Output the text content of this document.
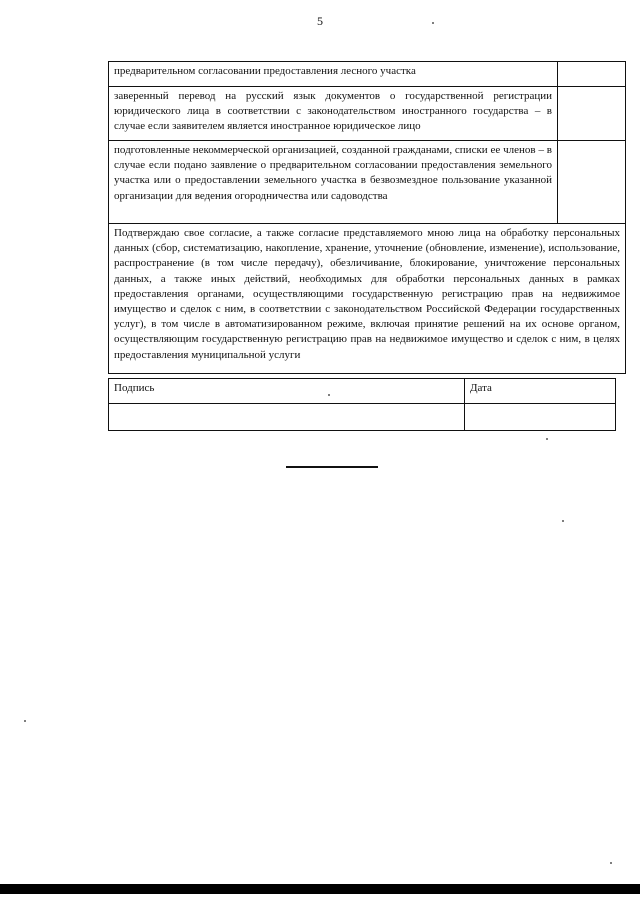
5
предварительном согласовании предоставления лесного участка	
заверенный перевод на русский язык документов о государственной регистрации юридического лица в соответствии с законодательством иностранного государства – в случае если заявителем является иностранное юридическое лицо	
подготовленные некоммерческой организацией, созданной гражданами, списки ее членов – в случае если подано заявление о предварительном согласовании предоставления земельного участка или о предоставлении земельного участка в безвозмездное пользование указанной организации для ведения огородничества или садоводства	
Подтверждаю свое согласие, а также согласие представляемого мною лица на обработку персональных данных (сбор, систематизацию, накопление, хранение, уточнение (обновление, изменение), использование, распространение (в том числе передачу), обезличивание, блокирование, уничтожение персональных данных, а также иных действий, необходимых для обработки персональных данных в рамках предоставления органами, осуществляющими государственную регистрацию прав на недвижимое имущество и сделок с ним, в соответствии с законодательством Российской Федерации государственных услуг), в том числе в автоматизированном режиме, включая принятие решений на их основе органом, осуществляющим государственную регистрацию прав на недвижимое имущество и сделок с ним, в целях предоставления муниципальной услуги	
Подпись	Дата
